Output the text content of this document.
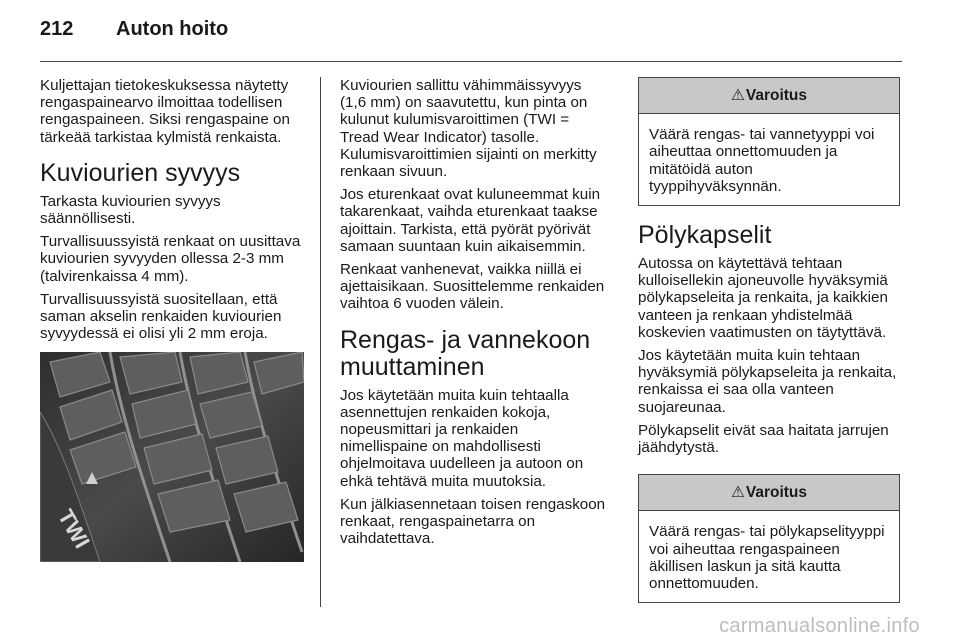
212 Auton hoito

Kuljettajan tietokeskuksessa näytetty rengaspainearvo ilmoittaa todellisen rengaspaineen. Siksi rengaspaine on tärkeää tarkistaa kylmistä renkaista.

Kuviourien syvyys

Tarkasta kuviourien syvyys säännöllisesti.

Turvallisuussyistä renkaat on uusittava kuviourien syvyyden ollessa 2-3 mm (talvirenkaissa 4 mm).

Turvallisuussyistä suositellaan, että saman akselin renkaiden kuviourien syvyydessä ei olisi yli 2 mm eroja.

TWI

Kuviourien sallittu vähimmäissyvyys (1,6 mm) on saavutettu, kun pinta on kulunut kulumisvaroittimen (TWI = Tread Wear Indicator) tasolle. Kulumisvaroittimien sijainti on merkitty renkaan sivuun.

Jos eturenkaat ovat kuluneemmat kuin takarenkaat, vaihda eturenkaat taakse ajoittain. Tarkista, että pyörät pyörivät samaan suuntaan kuin aikaisemmin.

Renkaat vanhenevat, vaikka niillä ei ajettaisikaan. Suosittelemme renkaiden vaihtoa 6 vuoden välein.

Rengas- ja vannekoon muuttaminen

Jos käytetään muita kuin tehtaalla asennettujen renkaiden kokoja, nopeusmittari ja renkaiden nimellispaine on mahdollisesti ohjelmoitava uudelleen ja autoon on ehkä tehtävä muita muutoksia.

Kun jälkiasennetaan toisen rengaskoon renkaat, rengaspainetarra on vaihdatettava.

⚠Varoitus
Väärä rengas- tai vannetyyppi voi aiheuttaa onnettomuuden ja mitätöidä auton tyyppihyväksynnän.
Pölykapselit

Autossa on käytettävä tehtaan kulloisellekin ajoneuvolle hyväksymiä pölykapseleita ja renkaita, ja kaikkien vanteen ja renkaan yhdistelmää koskevien vaatimusten on täytyttävä.

Jos käytetään muita kuin tehtaan hyväksymiä pölykapseleita ja renkaita, renkaissa ei saa olla vanteen suojareunaa.

Pölykapselit eivät saa haitata jarrujen jäähdytystä.

⚠Varoitus
Väärä rengas- tai pölykapselityyppi voi aiheuttaa rengaspaineen äkillisen laskun ja sitä kautta onnettomuuden.
carmanualsonline.info
